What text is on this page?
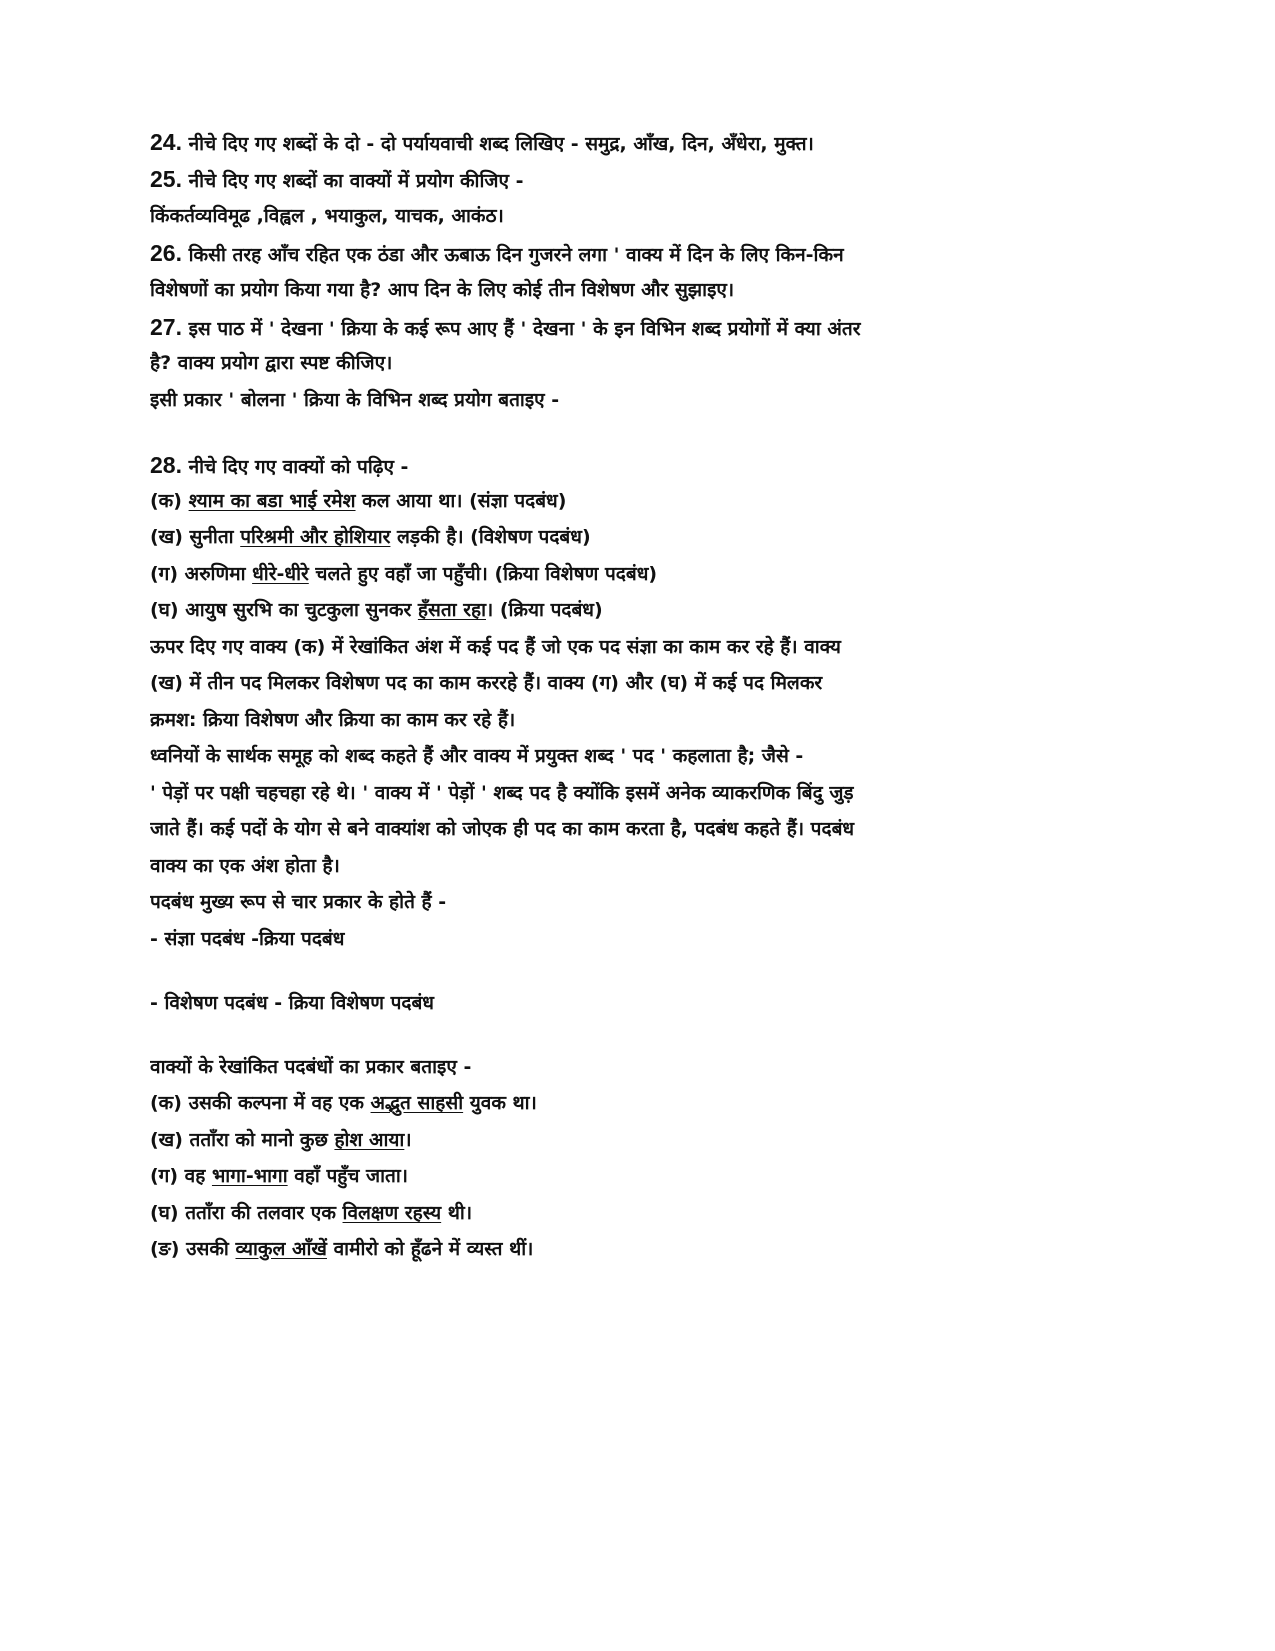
24. नीचे दिए गए शब्दों के दो - दो पर्यायवाची शब्द लिखिए - समुद्र, आँख, दिन, अँधेरा, मुक्त।
25. नीचे दिए गए शब्दों का वाक्यों में प्रयोग कीजिए -
किंकर्तव्यविमूढ ,विह्वल , भयाकुल, याचक, आकंठ।
26. किसी तरह आँच रहित एक ठंडा और ऊबाऊ दिन गुजरने लगा ' वाक्य में दिन के लिए किन-किन
विशेषणों का प्रयोग किया गया है? आप दिन के लिए कोई तीन विशेषण और सुझाइए।
27. इस पाठ में ' देखना ' क्रिया के कई रूप आए हैं ' देखना ' के इन विभिन शब्द प्रयोगों में क्या अंतर
है? वाक्य प्रयोग द्वारा स्पष्ट कीजिए।
इसी प्रकार ' बोलना ' क्रिया के विभिन शब्द प्रयोग बताइए -
28. नीचे दिए गए वाक्यों को पढ़िए -
(क) श्याम का बडा भाई रमेश कल आया था। (संज्ञा पदबंध)
(ख) सुनीता परिश्रमी और होशियार लड़की है। (विशेषण पदबंध)
(ग) अरुणिमा धीरे-धीरे चलते हुए वहाँ जा पहुँची। (क्रिया विशेषण पदबंध)
(घ) आयुष सुरभि का चुटकुला सुनकर हँसता रहा। (क्रिया पदबंध)
ऊपर दिए गए वाक्य (क) में रेखांकित अंश में कई पद हैं जो एक पद संज्ञा का काम कर रहे हैं। वाक्य
(ख) में तीन पद मिलकर विशेषण पद का काम कररहे हैं। वाक्य (ग) और (घ) में कई पद मिलकर
क्रमश: क्रिया विशेषण और क्रिया का काम कर रहे हैं।
ध्वनियों के सार्थक समूह को शब्द कहते हैं और वाक्य में प्रयुक्त शब्द ' पद ' कहलाता है; जैसे -
' पेड़ों पर पक्षी चहचहा रहे थे। ' वाक्य में ' पेड़ों ' शब्द पद है क्योंकि इसमें अनेक व्याकरणिक बिंदु जुड़
जाते हैं। कई पदों के योग से बने वाक्यांश को जोएक ही पद का काम करता है, पदबंध कहते हैं। पदबंध
वाक्य का एक अंश होता है।
पदबंध मुख्य रूप से चार प्रकार के होते हैं -
- संज्ञा पदबंध -क्रिया पदबंध
- विशेषण पदबंध - क्रिया विशेषण पदबंध
वाक्यों के रेखांकित पदबंधों का प्रकार बताइए -
(क) उसकी कल्पना में वह एक अद्भुत साहसी युवक था।
(ख) तताँरा को मानो कुछ होश आया।
(ग) वह भागा-भागा वहाँ पहुँच जाता।
(घ) तताँरा की तलवार एक विलक्षण रहस्य थी।
(ङ) उसकी व्याकुल आँखें वामीरो को हूँढने में व्यस्त थीं।
